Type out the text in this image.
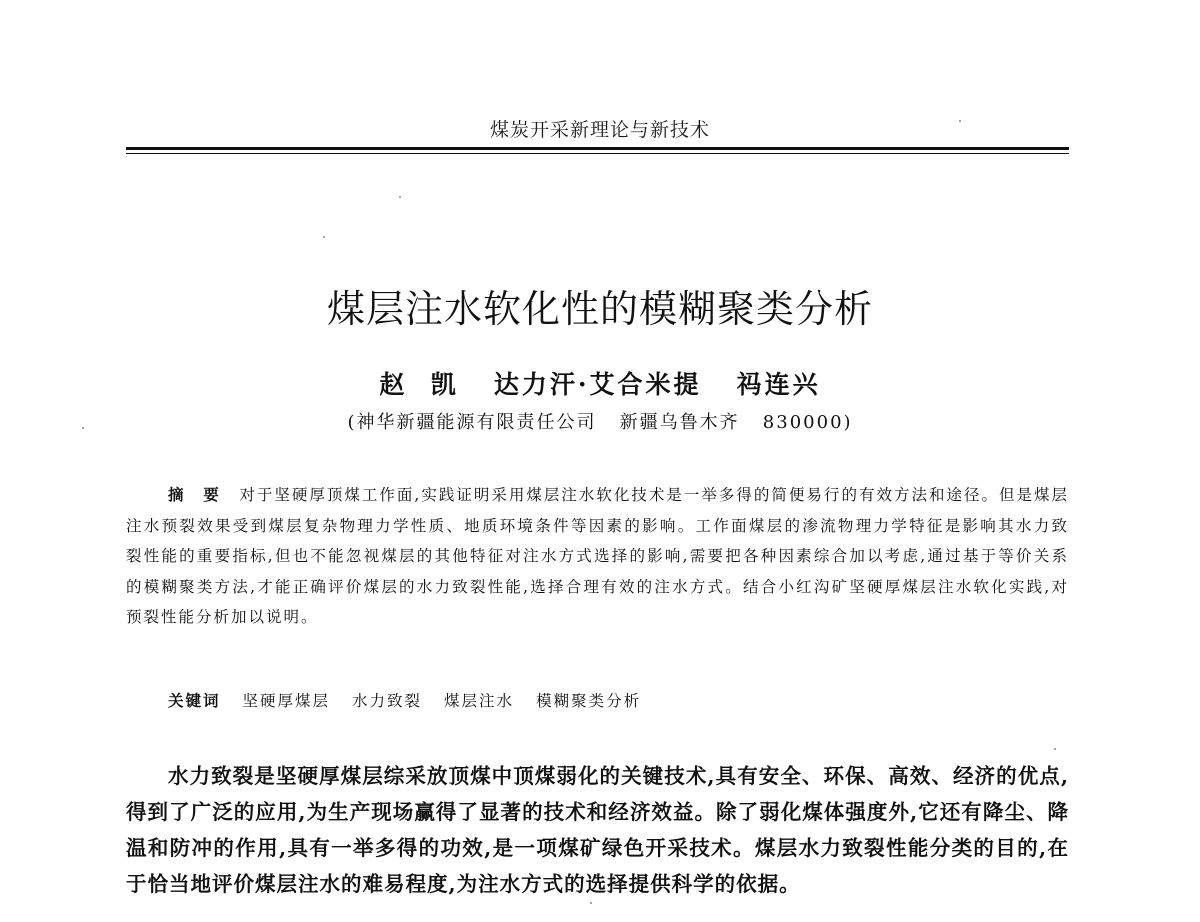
煤炭开采新理论与新技术
煤层注水软化性的模糊聚类分析
赵  凯   达力汗·艾合米提   祃连兴
(神华新疆能源有限责任公司   新疆乌鲁木齐   830000)
摘  要  对于坚硬厚顶煤工作面,实践证明采用煤层注水软化技术是一举多得的简便易行的有效方法和途径。但是煤层注水预裂效果受到煤层复杂物理力学性质、地质环境条件等因素的影响。工作面煤层的渗流物理力学特征是影响其水力致裂性能的重要指标,但也不能忽视煤层的其他特征对注水方式选择的影响,需要把各种因素综合加以考虑,通过基于等价关系的模糊聚类方法,才能正确评价煤层的水力致裂性能,选择合理有效的注水方式。结合小红沟矿坚硬厚煤层注水软化实践,对预裂性能分析加以说明。
关键词 坚硬厚煤层 水力致裂 煤层注水 模糊聚类分析
水力致裂是坚硬厚煤层综采放顶煤中顶煤弱化的关键技术,具有安全、环保、高效、经济的优点,得到了广泛的应用,为生产现场赢得了显著的技术和经济效益。除了弱化煤体强度外,它还有降尘、降温和防冲的作用,具有一举多得的功效,是一项煤矿绿色开采技术。煤层水力致裂性能分类的目的,在于恰当地评价煤层注水的难易程度,为注水方式的选择提供科学的依据。
